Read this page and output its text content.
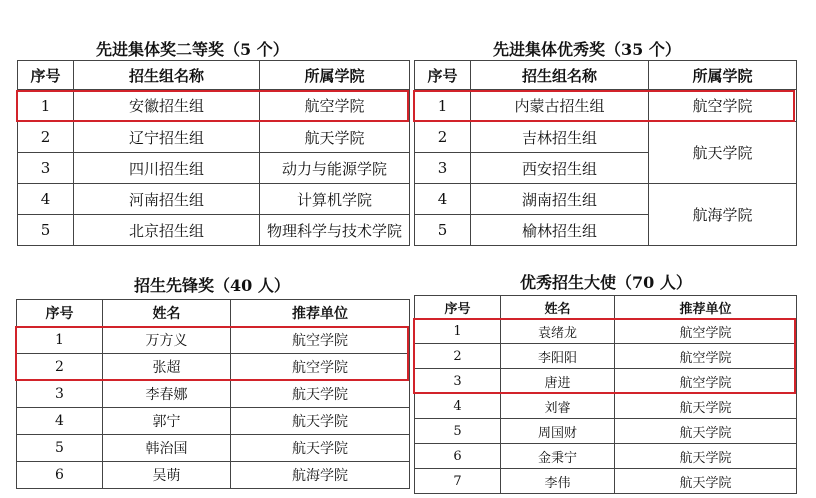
先进集体奖二等奖（5 个）
序号	招生组名称	所属学院
1	安徽招生组	航空学院
2	辽宁招生组	航天学院
3	四川招生组	动力与能源学院
4	河南招生组	计算机学院
5	北京招生组	物理科学与技术学院
先进集体优秀奖（35 个）
序号	招生组名称	所属学院
1	内蒙古招生组	航空学院
2	吉林招生组	航天学院
3	西安招生组	
4	湖南招生组	航海学院
5	榆林招生组	
招生先锋奖（40 人）
序号	姓名	推荐单位
1	万方义	航空学院
2	张超	航空学院
3	李春娜	航天学院
4	郭宁	航天学院
5	韩治国	航天学院
6	吴萌	航海学院
优秀招生大使（70 人）
序号	姓名	推荐单位
1	袁绪龙	航空学院
2	李阳阳	航空学院
3	唐进	航空学院
4	刘睿	航天学院
5	周国财	航天学院
6	金秉宁	航天学院
7	李伟	航天学院
